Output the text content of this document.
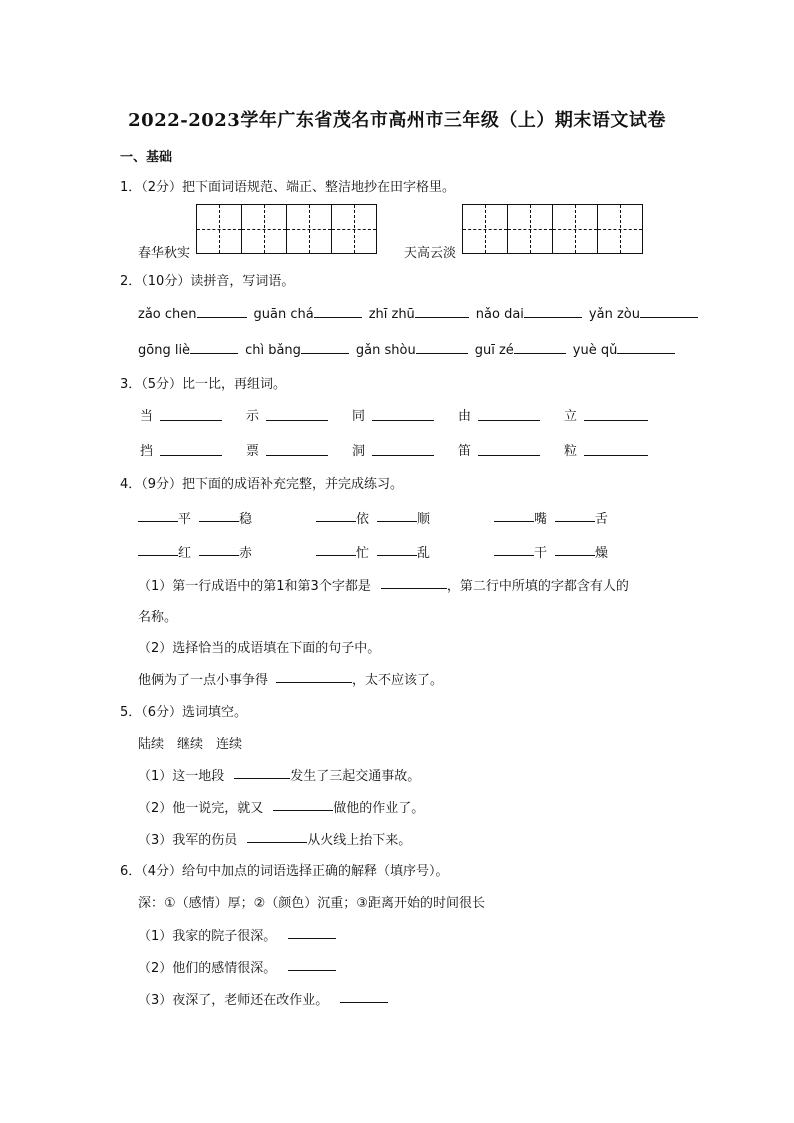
2022-2023学年广东省茂名市高州市三年级（上）期末语文试卷
一、基础
1．（2分）把下面词语规范、端正、整洁地抄在田字格里。
春华秋实	天高云淡
2．（10分）读拼音，写词语。
zǎo chen	guān chá	zhī zhū	nǎo dai	yǎn zòu
gōng liè	chì bǎng	gǎn shòu	guī zé	yuè qǔ
3．（5分）比一比，再组词。
当	示	同	由	立
挡	票	洞	笛	粒
4．（9分）把下面的成语补充完整，并完成练习。
平	稳	依	顺	嘴	舌
红	赤	忙	乱	干	燥
（1）第一行成语中的第1和第3个字都是	，第二行中所填的字都含有人的
名称。
（2）选择恰当的成语填在下面的句子中。
他俩为了一点小事争得	，太不应该了。
5．（6分）选词填空。
陆续　继续　连续
（1）这一地段	发生了三起交通事故。
（2）他一说完，就又	做他的作业了。
（3）我军的伤员	从火线上抬下来。
6．（4分）给句中加点的词语选择正确的解释（填序号）。
深：①（感情）厚；②（颜色）沉重；③距离开始的时间很长
（1）我家的院子很深。
（2）他们的感情很深。
（3）夜深了，老师还在改作业。
